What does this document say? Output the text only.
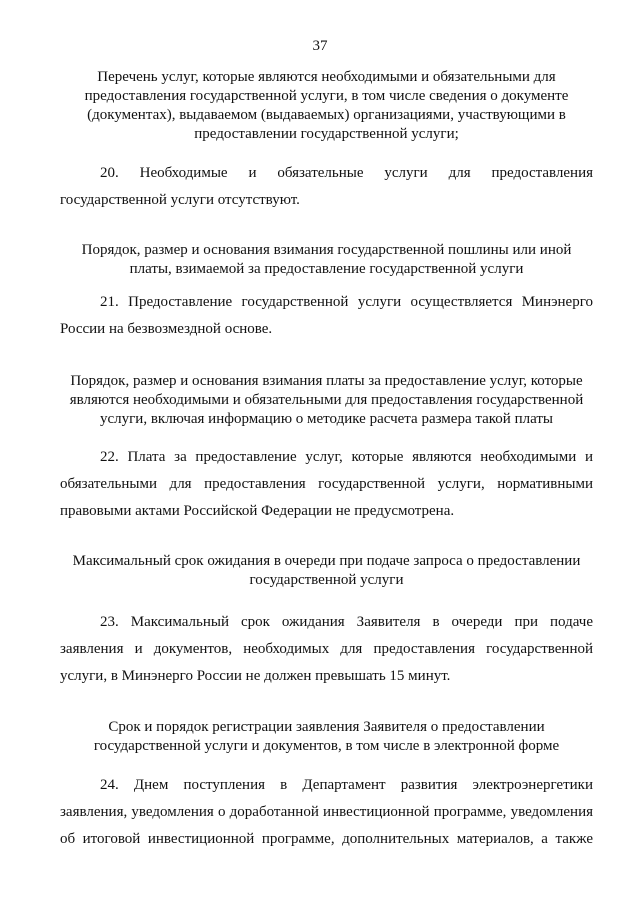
37
Перечень услуг, которые являются необходимыми и обязательными для
предоставления государственной услуги, в том числе сведения о документе
(документах), выдаваемом (выдаваемых) организациями, участвующими в
предоставлении государственной услуги;
20. Необходимые и обязательные услуги для предоставления
государственной услуги отсутствуют.
Порядок, размер и основания взимания государственной пошлины или иной
платы, взимаемой за предоставление государственной услуги
21. Предоставление государственной услуги осуществляется Минэнерго
России на безвозмездной основе.
Порядок, размер и основания взимания платы за предоставление услуг, которые
являются необходимыми и обязательными для предоставления государственной
услуги, включая информацию о методике расчета размера такой платы
22. Плата за предоставление услуг, которые являются необходимыми и
обязательными для предоставления государственной услуги, нормативными
правовыми актами Российской Федерации не предусмотрена.
Максимальный срок ожидания в очереди при подаче запроса о предоставлении
государственной услуги
23. Максимальный срок ожидания Заявителя в очереди при подаче
заявления и документов, необходимых для предоставления государственной
услуги, в Минэнерго России не должен превышать 15 минут.
Срок и порядок регистрации заявления Заявителя о предоставлении
государственной услуги и документов, в том числе в электронной форме
24. Днем поступления в Департамент развития электроэнергетики
заявления, уведомления о доработанной инвестиционной программе, уведомления
об итоговой инвестиционной программе, дополнительных материалов, а также
